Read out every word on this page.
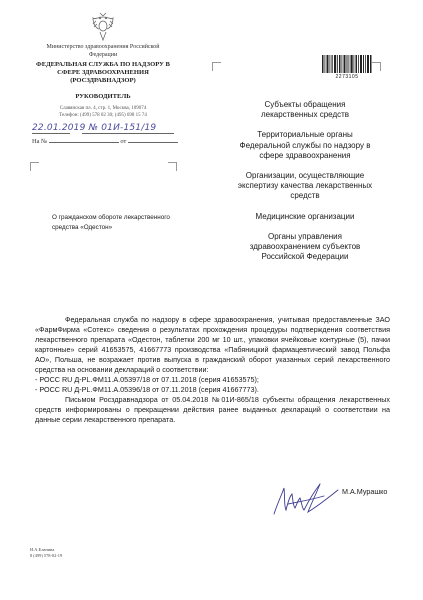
Министерство здравоохранения Российской Федерации
ФЕДЕРАЛЬНАЯ СЛУЖБА ПО НАДЗОРУ В СФЕРЕ ЗДРАВООХРАНЕНИЯ (РОСЗДРАВНАДЗОР)
РУКОВОДИТЕЛЬ
Славянская пл. 4, стр. 1, Москва, 109074
Телефон: (499) 578 02 30; (495) 698 15 74
22.01.2019 № 01И-151/19
На №	от
2273105
Субъекты обращения лекарственных средств
Территориальные органы Федеральной службы по надзору в сфере здравоохранения
Организации, осуществляющие экспертизу качества лекарственных средств
Медицинские организации
Органы управления здравоохранением субъектов Российской Федерации
О гражданском обороте лекарственного средства «Одестон»

Федеральная служба по надзору в сфере здравоохранения, учитывая предоставленные ЗАО «ФармФирма «Сотекс» сведения о результатах прохождения процедуры подтверждения соответствия лекарственного препарата «Одестон, таблетки 200 мг 10 шт., упаковки ячейковые контурные (5), пачки картонные» серий 41653575, 41667773 производства «Пабяницкий фармацевтический завод Польфа АО», Польша, не возражает против выпуска в гражданский оборот указанных серий лекарственного средства на основании деклараций о соответствии:

- РОСС RU Д-PL.ФМ11.А.05397/18 от 07.11.2018 (серия 41653575);

- РОСС RU Д-PL.ФМ11.А.05396/18 от 07.11.2018 (серия 41667773).

Письмом Росздравнадзора от 05.04.2018 №01И-865/18 субъекты обращения лекарственных средств информированы о прекращении действия ранее выданных деклараций о соответствии на данные серии лекарственного препарата.

М.А.Мурашко
И.А.Еланина
8 (499) 578-02-19
